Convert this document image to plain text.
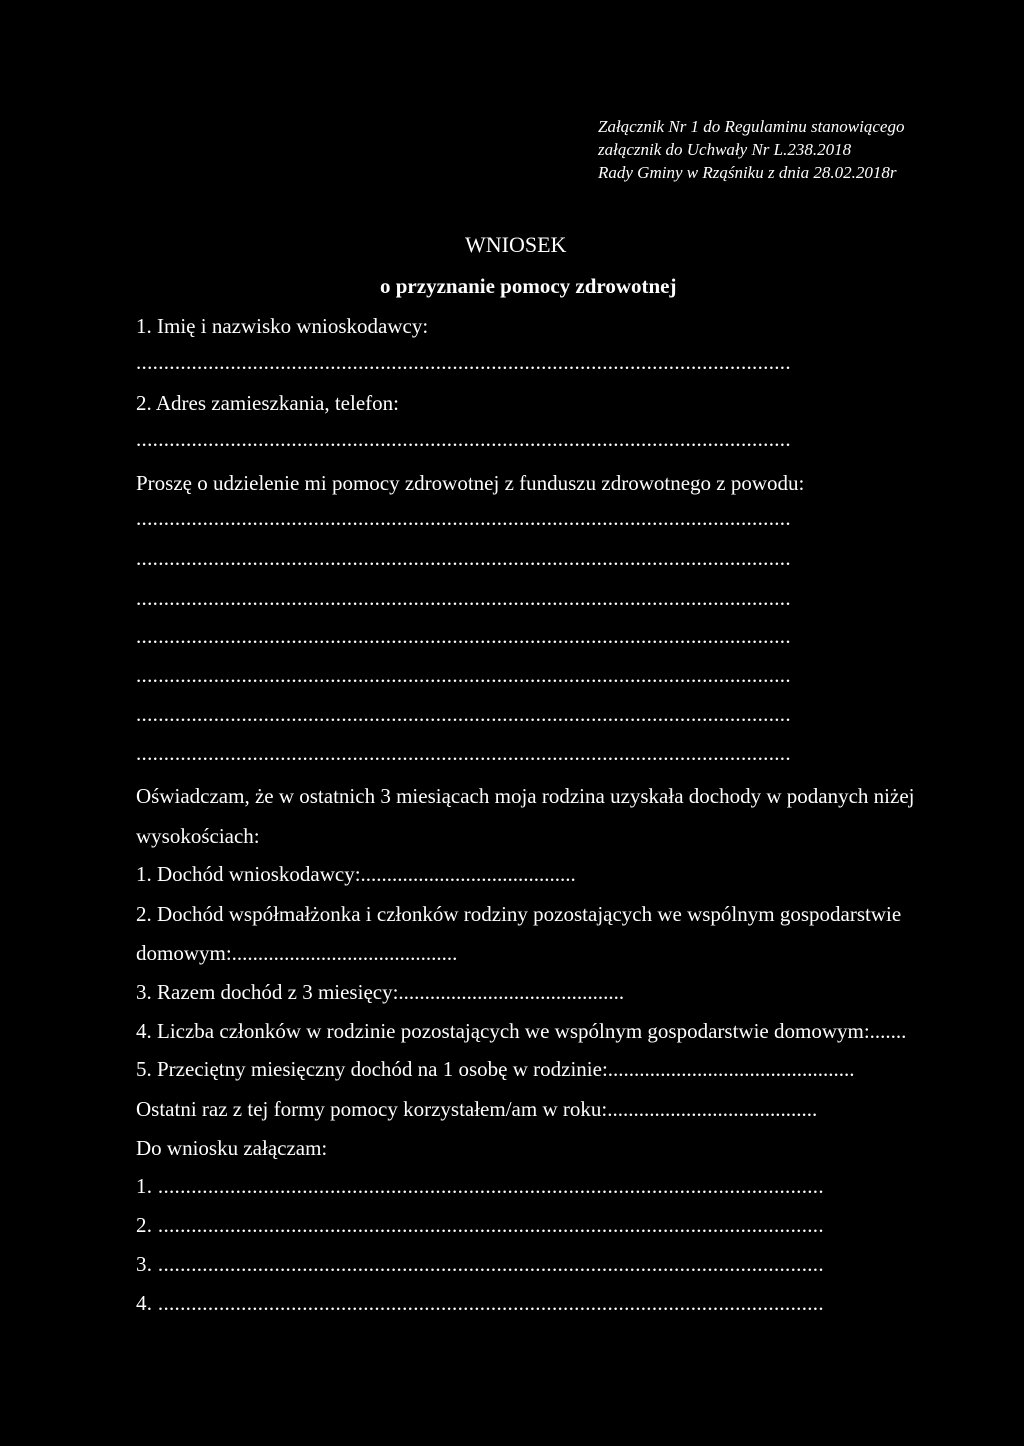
Załącznik Nr 1 do Regulaminu stanowiącego
załącznik do Uchwały Nr L.238.2018
Rady Gminy w Rząśniku z dnia 28.02.2018r
WNIOSEK
o przyznanie pomocy zdrowotnej
1. Imię i nazwisko wnioskodawcy:
......................................................................................................................
2. Adres zamieszkania, telefon:
......................................................................................................................
Proszę o udzielenie mi pomocy zdrowotnej z funduszu zdrowotnego z powodu:
......................................................................................................................
......................................................................................................................
......................................................................................................................
......................................................................................................................
......................................................................................................................
......................................................................................................................
......................................................................................................................
Oświadczam, że w ostatnich 3 miesiącach moja rodzina uzyskała dochody w podanych niżej
wysokościach:
1. Dochód wnioskodawcy:.........................................
2. Dochód współmałżonka i członków rodziny pozostających we wspólnym gospodarstwie
domowym:...........................................
3. Razem dochód z 3 miesięcy:...........................................
4. Liczba członków w rodzinie pozostających we wspólnym gospodarstwie domowym:.......
5. Przeciętny miesięczny dochód na 1 osobę w rodzinie:...............................................
Ostatni raz z tej formy pomocy korzystałem/am w roku:........................................
Do wniosku załączam:
1. ........................................................................................................................
2. ........................................................................................................................
3. ........................................................................................................................
4. ........................................................................................................................
